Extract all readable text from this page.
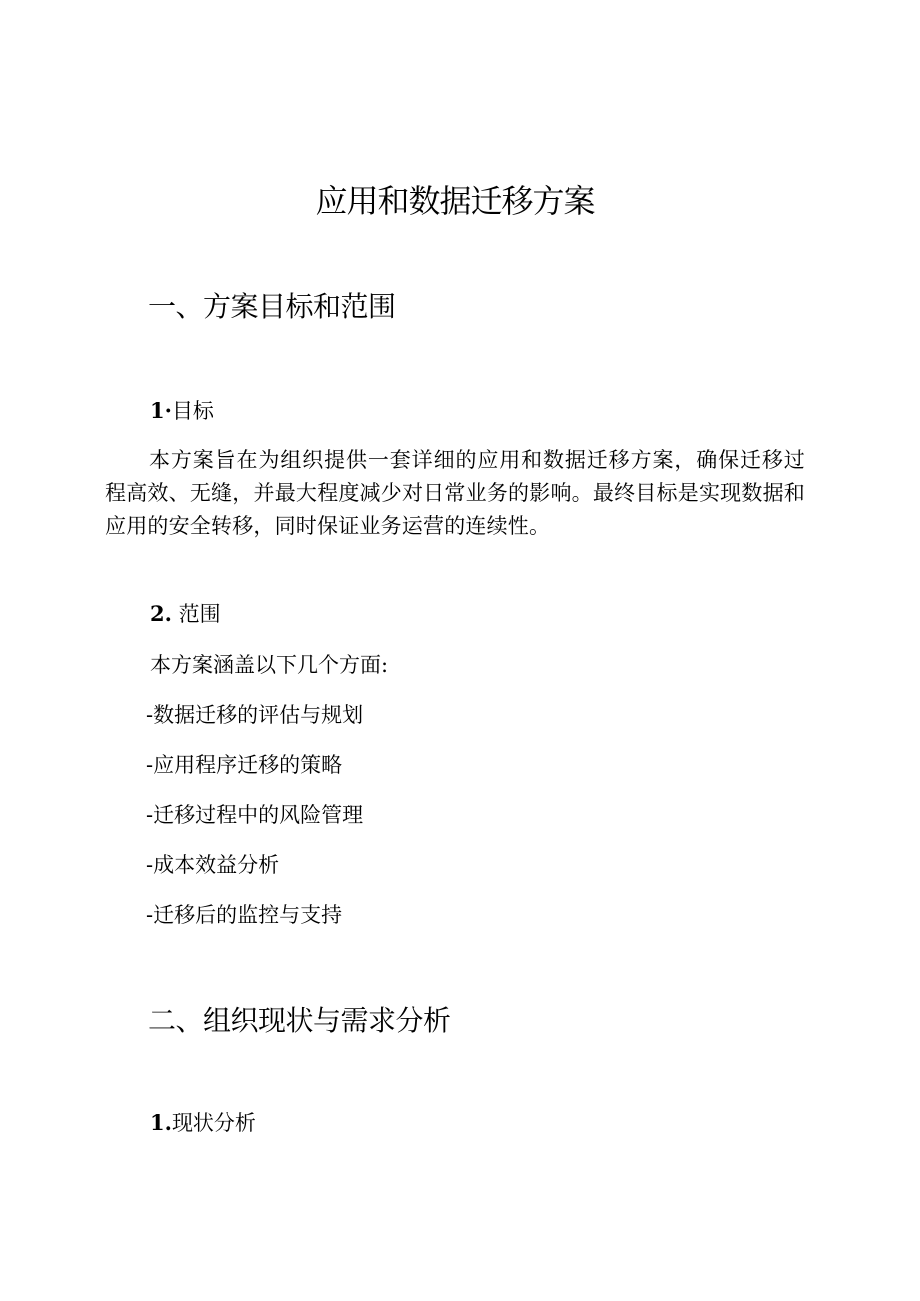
应用和数据迁移方案
一、方案目标和范围
1·目标

本方案旨在为组织提供一套详细的应用和数据迁移方案，确保迁移过程高效、无缝，并最大程度减少对日常业务的影响。最终目标是实现数据和应用的安全转移，同时保证业务运营的连续性。

2. 范围

本方案涵盖以下几个方面:

-数据迁移的评估与规划

-应用程序迁移的策略

-迁移过程中的风险管理

-成本效益分析

-迁移后的监控与支持

二、组织现状与需求分析
1.现状分析
